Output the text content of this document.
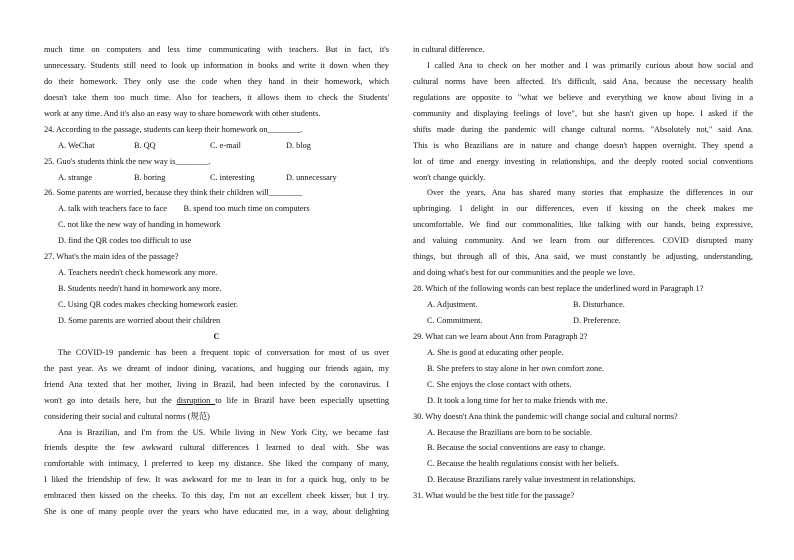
much time on computers and less time communicating with teachers. But in fact, it's
unnecessary. Students still need to look up information in books and write it down when they
do their homework. They only use the code when they hand in their homework, which
doesn't take them too much time. Also for teachers, it allows them to check the Students'
work at any time. And it's also an easy way to share homework with other students.
24. According to the passage, students can keep their homework on________.
A. WeChat	B. QQ	C. e-mail	D. blog
25. Guo's students think the new way is________.
A. strange	B. boring	C. interesting	D. unnecessary
26. Some parents are worried, because they think their children will________
A. talk with teachers face to face        B. spend too much time on computers
C. not like the new way of handing in homework
D. find the QR codes too difficult to use
27. What's the main idea of the passage?
A. Teachers needn't check homework any more.
B. Students needn't hand in homework any more.
C. Using QR codes makes checking homework easier.
D. Some parents are worried about their children
C
The COVID-19 pandemic has been a frequent topic of conversation for most of us over
the past year. As we dreamt of indoor dining, vacations, and hugging our friends again, my
friend Ana texted that her mother, living in Brazil, had been infected by the coronavirus. I
won't go into details here, but the disruption to life in Brazil have been especially upsetting
considering their social and cultural norms (规范)
Ana is Brazilian, and I'm from the US. While living in New York City, we became fast
friends despite the few awkward cultural differences I learned to deal with. She was
comfortable with intimacy, I preferred to keep my distance. She liked the company of many,
I liked the friendship of few. It was awkward for me to lean in for a quick hug, only to be
embraced then kissed on the cheeks. To this day, I'm not an excellent cheek kisser, but I try.
She is one of many people over the years who have educated me, in a way, about delighting
in cultural difference.
I called Ana to check on her mother and I was primarily curious about how social and
cultural norms have been affected. It's difficult, said Ana, because the necessary health
regulations are opposite to "what we believe and everything we know about living in a
community and displaying feelings of love", but she hasn't given up hope. I asked if the
shifts made during the pandemic will change cultural norms. "Absolutely not," said Ana.
This is who Brazilians are in nature and change doesn't happen overnight. They spend a
lot of time and energy investing in relationships, and the deeply rooted social conventions
won't change quickly.
Over the years, Ana has shared many stories that emphasize the differences in our
upbringing. I delight in our differences, even if kissing on the cheek makes me
uncomfortable. We find our commonalities, like talking with our hands, being expressive,
and valuing community. And we learn from our differences. COVID disrupted many
things, but through all of this, Ana said, we must constantly be adjusting, understanding,
and doing what's best for our communities and the people we love.
28. Which of the following words can best replace the underlined word in Paragraph 1?
A. Adjustment.	B. Disturbance.
C. Commitment.	D. Preference.
29. What can we learn about Ann from Paragraph 2?
A. She is good at educating other people.
B. She prefers to stay alone in her own comfort zone.
C. She enjoys the close contact with others.
D. It took a long time for her to make friends with me.
30. Why doesn't Ana think the pandemic will change social and cultural norms?
A. Because the Brazilians are born to be sociable.
B. Because the social conventions are easy to change.
C. Because the health regulations consist with her beliefs.
D. Because Brazilians rarely value investment in relationships.
31. What would be the best title for the passage?
